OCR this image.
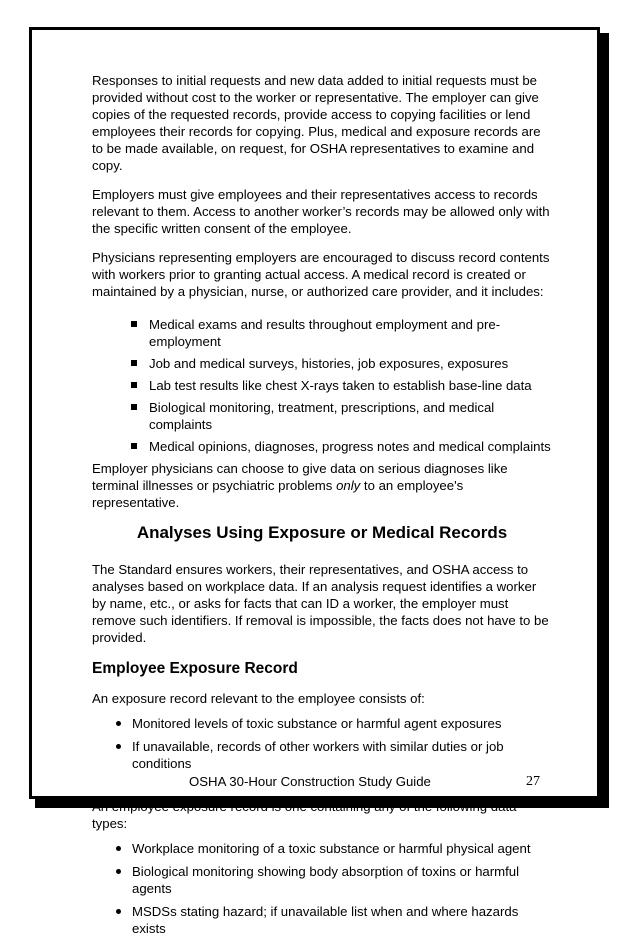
Responses to initial requests and new data added to initial requests must be provided without cost to the worker or representative. The employer can give copies of the requested records, provide access to copying facilities or lend employees their records for copying. Plus, medical and exposure records are to be made available, on request, for OSHA representatives to examine and copy.

Employers must give employees and their representatives access to records relevant to them. Access to another worker’s records may be allowed only with the specific written consent of the employee.

Physicians representing employers are encouraged to discuss record contents with workers prior to granting actual access. A medical record is created or maintained by a physician, nurse, or authorized care provider, and it includes:

Medical exams and results throughout employment and pre-employment
Job and medical surveys, histories, job exposures, exposures
Lab test results like chest X-rays taken to establish base-line data
Biological monitoring, treatment, prescriptions, and medical complaints
Medical opinions, diagnoses, progress notes and medical complaints

Employer physicians can choose to give data on serious diagnoses like terminal illnesses or psychiatric problems only to an employee's representative.

Analyses Using Exposure or Medical Records

The Standard ensures workers, their representatives, and OSHA access to analyses based on workplace data. If an analysis request identifies a worker by name, etc., or asks for facts that can ID a worker, the employer must remove such identifiers. If removal is impossible, the facts does not have to be provided.

Employee Exposure Record

An exposure record relevant to the employee consists of:

Monitored levels of toxic substance or harmful agent exposures
If unavailable, records of other workers with similar duties or job conditions

An employee exposure record is one containing any of the following data types:

Workplace monitoring of a toxic substance or harmful physical agent
Biological monitoring showing body absorption of toxins or harmful agents
MSDSs stating hazard; if unavailable list when and where hazards exists
OSHA 30-Hour Construction Study Guide	27
